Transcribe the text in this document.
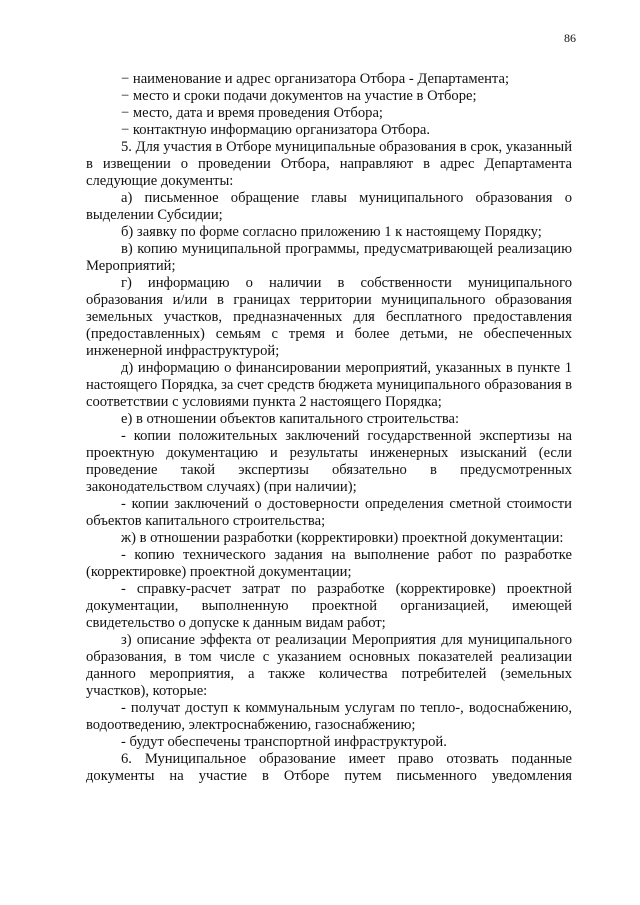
86

− наименование и адрес организатора Отбора - Департамента;

− место и сроки подачи документов на участие в Отборе;

− место, дата и время проведения Отбора;

− контактную информацию организатора Отбора.

5. Для участия в Отборе муниципальные образования в срок, указанный в извещении о проведении Отбора, направляют в адрес Департамента следующие документы:

а) письменное обращение главы муниципального образования о выделении Субсидии;

б) заявку по форме согласно приложению 1 к настоящему Порядку;

в) копию муниципальной программы, предусматривающей реализацию Мероприятий;

г) информацию о наличии в собственности муниципального образования и/или в границах территории муниципального образования земельных участков, предназначенных для бесплатного предоставления (предоставленных) семьям с тремя и более детьми, не обеспеченных инженерной инфраструктурой;

д) информацию о финансировании мероприятий, указанных в пункте 1 настоящего Порядка, за счет средств бюджета муниципального образования в соответствии с условиями пункта 2 настоящего Порядка;

е) в отношении объектов капитального строительства:

- копии положительных заключений государственной экспертизы на проектную документацию и результаты инженерных изысканий (если проведение такой экспертизы обязательно в предусмотренных законодательством случаях) (при наличии);

- копии заключений о достоверности определения сметной стоимости объектов капитального строительства;

ж) в отношении разработки (корректировки) проектной документации:

- копию технического задания на выполнение работ по разработке (корректировке) проектной документации;

- справку-расчет затрат по разработке (корректировке) проектной документации, выполненную проектной организацией, имеющей свидетельство о допуске к данным видам работ;

з) описание эффекта от реализации Мероприятия для муниципального образования, в том числе с указанием основных показателей реализации данного мероприятия, а также количества потребителей (земельных участков), которые:

- получат доступ к коммунальным услугам по тепло-, водоснабжению, водоотведению, электроснабжению, газоснабжению;

- будут обеспечены транспортной инфраструктурой.

6. Муниципальное образование имеет право отозвать поданные документы на участие в Отборе путем письменного уведомления
